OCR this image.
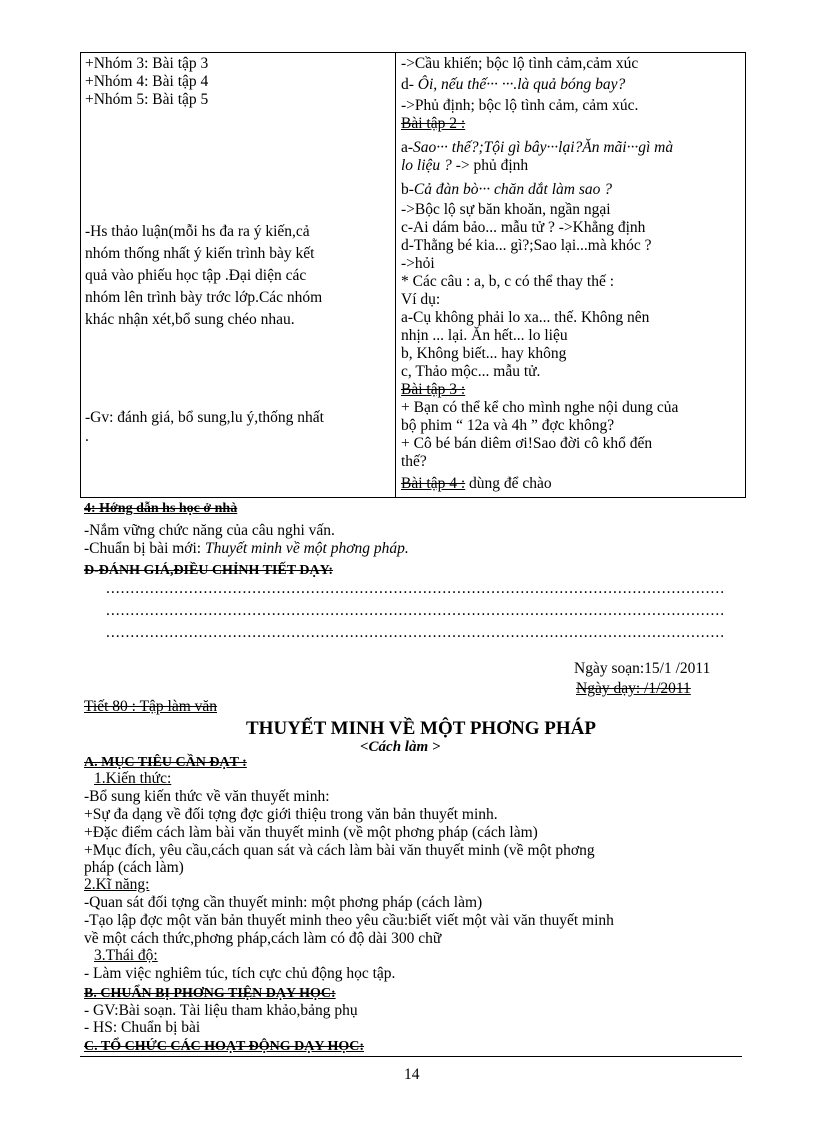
+Nhóm 3: Bài tập 3
+Nhóm 4: Bài tập 4
+Nhóm 5: Bài tập 5
-Hs thảo luận(mỗi hs đa ra ý kiến,cả
nhóm thống nhất ý kiến trình bày kết
quả vào phiếu học tập .Đại diện các
nhóm lên trình bày trớc lớp.Các nhóm
khác nhận xét,bổ sung chéo nhau.
-Gv: đánh giá, bổ sung,lu ý,thống nhất
.
->Cầu khiến; bộc lộ tình cảm,cảm xúc
d- Ôi, nếu thế··· ···.là quả bóng bay?
->Phủ định; bộc lộ tình cảm, cảm xúc.
Bài tập 2 :
a-Sao··· thế?;Tội gì bây···lại?Ăn mãi···gì mà
lo liệu ? -> phủ định
b-Cả đàn bò··· chăn dắt làm sao ?
->Bộc lộ sự băn khoăn, ngần ngại
c-Ai dám bảo... mẫu tử ? ->Khẳng định
d-Thằng bé kia... gì?;Sao lại...mà khóc ?
->hỏi
* Các câu : a, b, c có thể thay thế :
Ví dụ:
a-Cụ không phải lo xa... thế. Không nên
nhịn ... lại. Ăn hết... lo liệu
b, Không biết... hay không
c, Thảo mộc... mẫu tử.
Bài tập 3 :
+ Bạn có thể kể cho mình nghe nội dung của
bộ phim “ 12a và 4h ” đợc không?
+ Cô bé bán diêm ơi!Sao đời cô khổ đến
thế?
Bài tập 4 : dùng để chào
4: Hớng dẫn hs học ở nhà
-Nắm vững chức năng của câu nghi vấn.
-Chuẩn bị bài mới: Thuyết minh về một phơng pháp.
Đ-ĐÁNH GIÁ,ĐIỀU CHỈNH TIẾT DẠY:
...............................................................................................................................
...............................................................................................................................
...............................................................................................................................
Ngày soạn:15/1 /2011
Ngày dạy: /1/2011
Tiết 80 : Tập làm văn
THUYẾT MINH VỀ MỘT PHƠNG PHÁP
<Cách làm >
A. MỤC TIÊU CẦN ĐẠT :
1.Kiến thức:
-Bổ sung kiến thức về văn thuyết minh:
+Sự đa dạng về đối tợng đợc giới thiệu trong văn bản thuyết minh.
+Đặc điểm cách làm bài văn thuyết minh (về một phơng pháp (cách làm)
+Mục đích, yêu cầu,cách quan sát và cách làm bài văn thuyết minh (về một phơng
pháp (cách làm)
2.Kĩ năng:
-Quan sát đối tợng cần thuyết minh: một phơng pháp (cách làm)
-Tạo lập đợc một văn bản thuyết minh theo yêu cầu:biết viết một vài văn thuyết minh
về một cách thức,phơng pháp,cách làm có độ dài 300 chữ
3.Thái độ:
- Làm việc nghiêm túc, tích cực chủ động học tập.
B. CHUẨN BỊ PHƠNG TIỆN DẠY HỌC:
- GV:Bài soạn. Tài liệu tham khảo,bảng phụ
- HS: Chuẩn bị bài
C. TỔ CHỨC CÁC HOẠT ĐỘNG DẠY HỌC:
14
